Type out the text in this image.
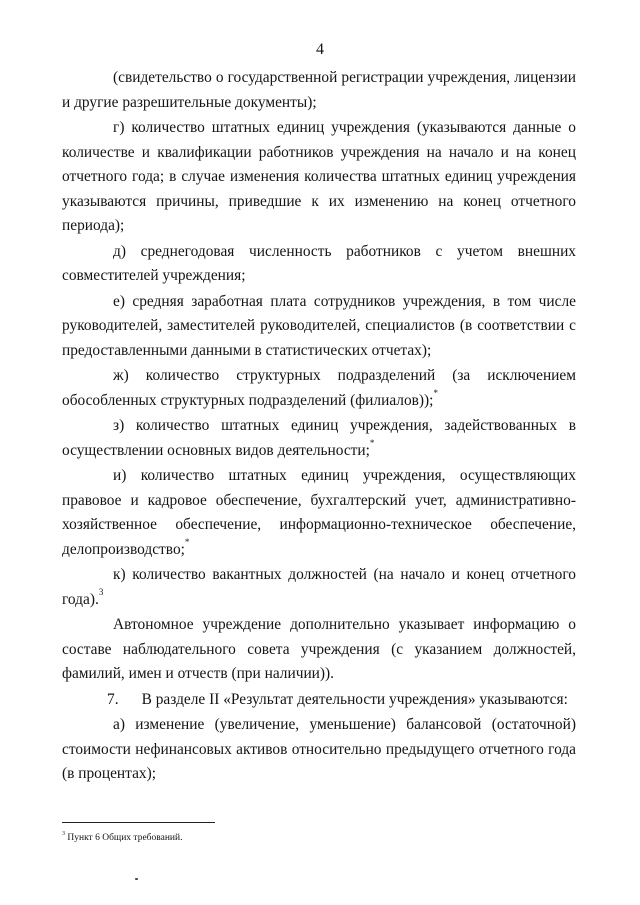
4

(свидетельство о государственной регистрации учреждения, лицензии и другие разрешительные документы);

г) количество штатных единиц учреждения (указываются данные о количестве и квалификации работников учреждения на начало и на конец отчетного года; в случае изменения количества штатных единиц учреждения указываются причины, приведшие к их изменению на конец отчетного периода);

д) среднегодовая численность работников с учетом внешних совместителей учреждения;

е) средняя заработная плата сотрудников учреждения, в том числе руководителей, заместителей руководителей, специалистов (в соответствии с предоставленными данными в статистических отчетах);

ж) количество структурных подразделений (за исключением обособленных структурных подразделений (филиалов));*

з) количество штатных единиц учреждения, задействованных в осуществлении основных видов деятельности;*

и) количество штатных единиц учреждения, осуществляющих правовое и кадровое обеспечение, бухгалтерский учет, административно-хозяйственное обеспечение, информационно-техническое обеспечение, делопроизводство;*

к) количество вакантных должностей (на начало и конец отчетного года).$^3$

Автономное учреждение дополнительно указывает информацию о составе наблюдательного совета учреждения (с указанием должностей, фамилий, имен и отчеств (при наличии)).

7.      В разделе II «Результат деятельности учреждения» указываются:

а) изменение (увеличение, уменьшение) балансовой (остаточной) стоимости нефинансовых активов относительно предыдущего отчетного года (в процентах);

$^3$ Пункт 6 Общих требований.
